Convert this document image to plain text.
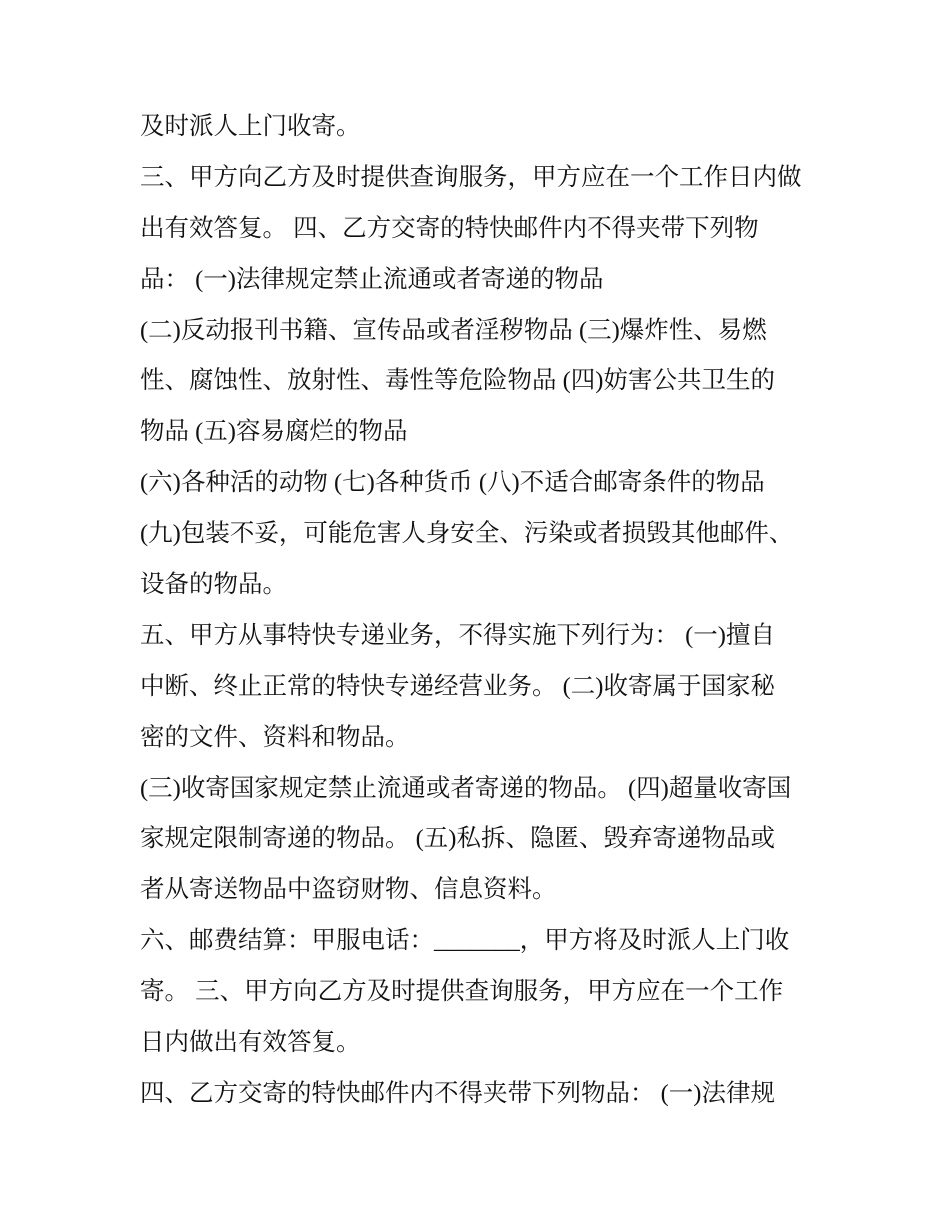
及时派人上门收寄。
三、甲方向乙方及时提供查询服务，甲方应在一个工作日内做
出有效答复。 四、乙方交寄的特快邮件内不得夹带下列物
品： (一)法律规定禁止流通或者寄递的物品
(二)反动报刊书籍、宣传品或者淫秽物品 (三)爆炸性、易燃
性、腐蚀性、放射性、毒性等危险物品 (四)妨害公共卫生的
物品 (五)容易腐烂的物品
(六)各种活的动物 (七)各种货币 (八)不适合邮寄条件的物品
(九)包装不妥，可能危害人身安全、污染或者损毁其他邮件、
设备的物品。
五、甲方从事特快专递业务，不得实施下列行为： (一)擅自
中断、终止正常的特快专递经营业务。 (二)收寄属于国家秘
密的文件、资料和物品。
(三)收寄国家规定禁止流通或者寄递的物品。 (四)超量收寄国
家规定限制寄递的物品。 (五)私拆、隐匿、毁弃寄递物品或
者从寄送物品中盗窃财物、信息资料。
六、邮费结算：甲服电话：_______，甲方将及时派人上门收
寄。 三、甲方向乙方及时提供查询服务，甲方应在一个工作
日内做出有效答复。
四、乙方交寄的特快邮件内不得夹带下列物品： (一)法律规
